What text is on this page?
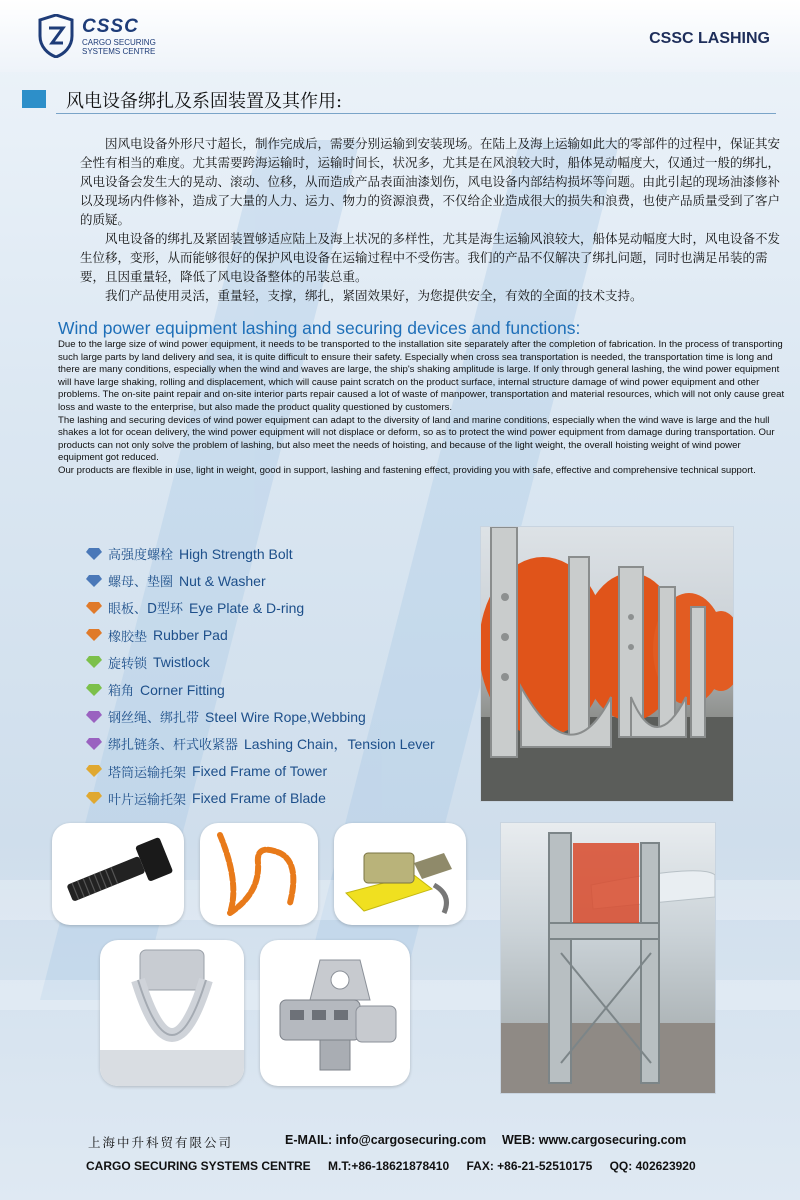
CSSC
CARGO SECURING SYSTEMS CENTRE
CSSC LASHING
风电设备绑扎及系固装置及其作用:

因风电设备外形尺寸超长，制作完成后，需要分别运输到安装现场。在陆上及海上运输如此大的零部件的过程中，保证其安全性有相当的难度。尤其需要跨海运输时，运输时间长，状况多，尤其是在风浪较大时，船体晃动幅度大，仅通过一般的绑扎，风电设备会发生大的晃动、滚动、位移，从而造成产品表面油漆划伤，风电设备内部结构损坏等问题。由此引起的现场油漆修补以及现场内件修补，造成了大量的人力、运力、物力的资源浪费，不仅给企业造成很大的损失和浪费，也使产品质量受到了客户的质疑。

风电设备的绑扎及紧固装置够适应陆上及海上状况的多样性，尤其是海生运输风浪较大，船体晃动幅度大时，风电设备不发生位移，变形，从而能够很好的保护风电设备在运输过程中不受伤害。我们的产品不仅解决了绑扎问题，同时也满足吊装的需要，且因重量轻，降低了风电设备整体的吊装总重。

我们产品使用灵活，重量轻，支撑，绑扎，紧固效果好，为您提供安全，有效的全面的技术支持。

Wind power equipment lashing and securing devices and functions:

Due to the large size of wind power equipment, it needs to be transported to the installation site separately after the completion of fabrication. In the process of transporting such large parts by land delivery and sea, it is quite difficult to ensure their safety. Especially when cross sea transportation is needed, the transportation time is long and there are many conditions, especially when the wind and waves are large, the ship's shaking amplitude is large. If only through general lashing, the wind power equipment will have large shaking, rolling and displacement, which will cause paint scratch on the product surface, internal structure damage of wind power equipment and other problems. The on-site paint repair and on-site interior parts repair caused a lot of waste of manpower, transportation and material resources, which will not only cause great loss and waste to the enterprise, but also made the product quality questioned by customers.

The lashing and securing devices of wind power equipment can adapt to the diversity of land and marine conditions, especially when the wind wave is large and the hull shakes a lot for ocean delivery, the wind power equipment will not displace or deform, so as to protect the wind power equipment from damage during transportation. Our products can not only solve the problem of lashing, but also meet the needs of hoisting, and because of the light weight, the overall hoisting weight of wind power equipment got reduced.

Our products are flexible in use, light in weight, good in support, lashing and fastening effect, providing you with safe, effective and comprehensive technical support.

高强度螺栓 High Strength Bolt
螺母、垫圈 Nut & Washer
眼板、D型环 Eye Plate & D-ring
橡胶垫 Rubber Pad
旋转锁 Twistlock
箱角 Corner Fitting
钢丝绳、绑扎带 Steel Wire Rope,Webbing
绑扎链条、杆式收紧器 Lashing Chain，Tension Lever
塔筒运输托架 Fixed Frame of Tower
叶片运输托架 Fixed Frame of Blade
上海中升科贸有限公司	E-MAIL: info@cargosecuring.com WEB: www.cargosecuring.com
CARGO SECURING SYSTEMS CENTRE M.T:+86-18621878410 FAX: +86-21-52510175 QQ: 402623920
